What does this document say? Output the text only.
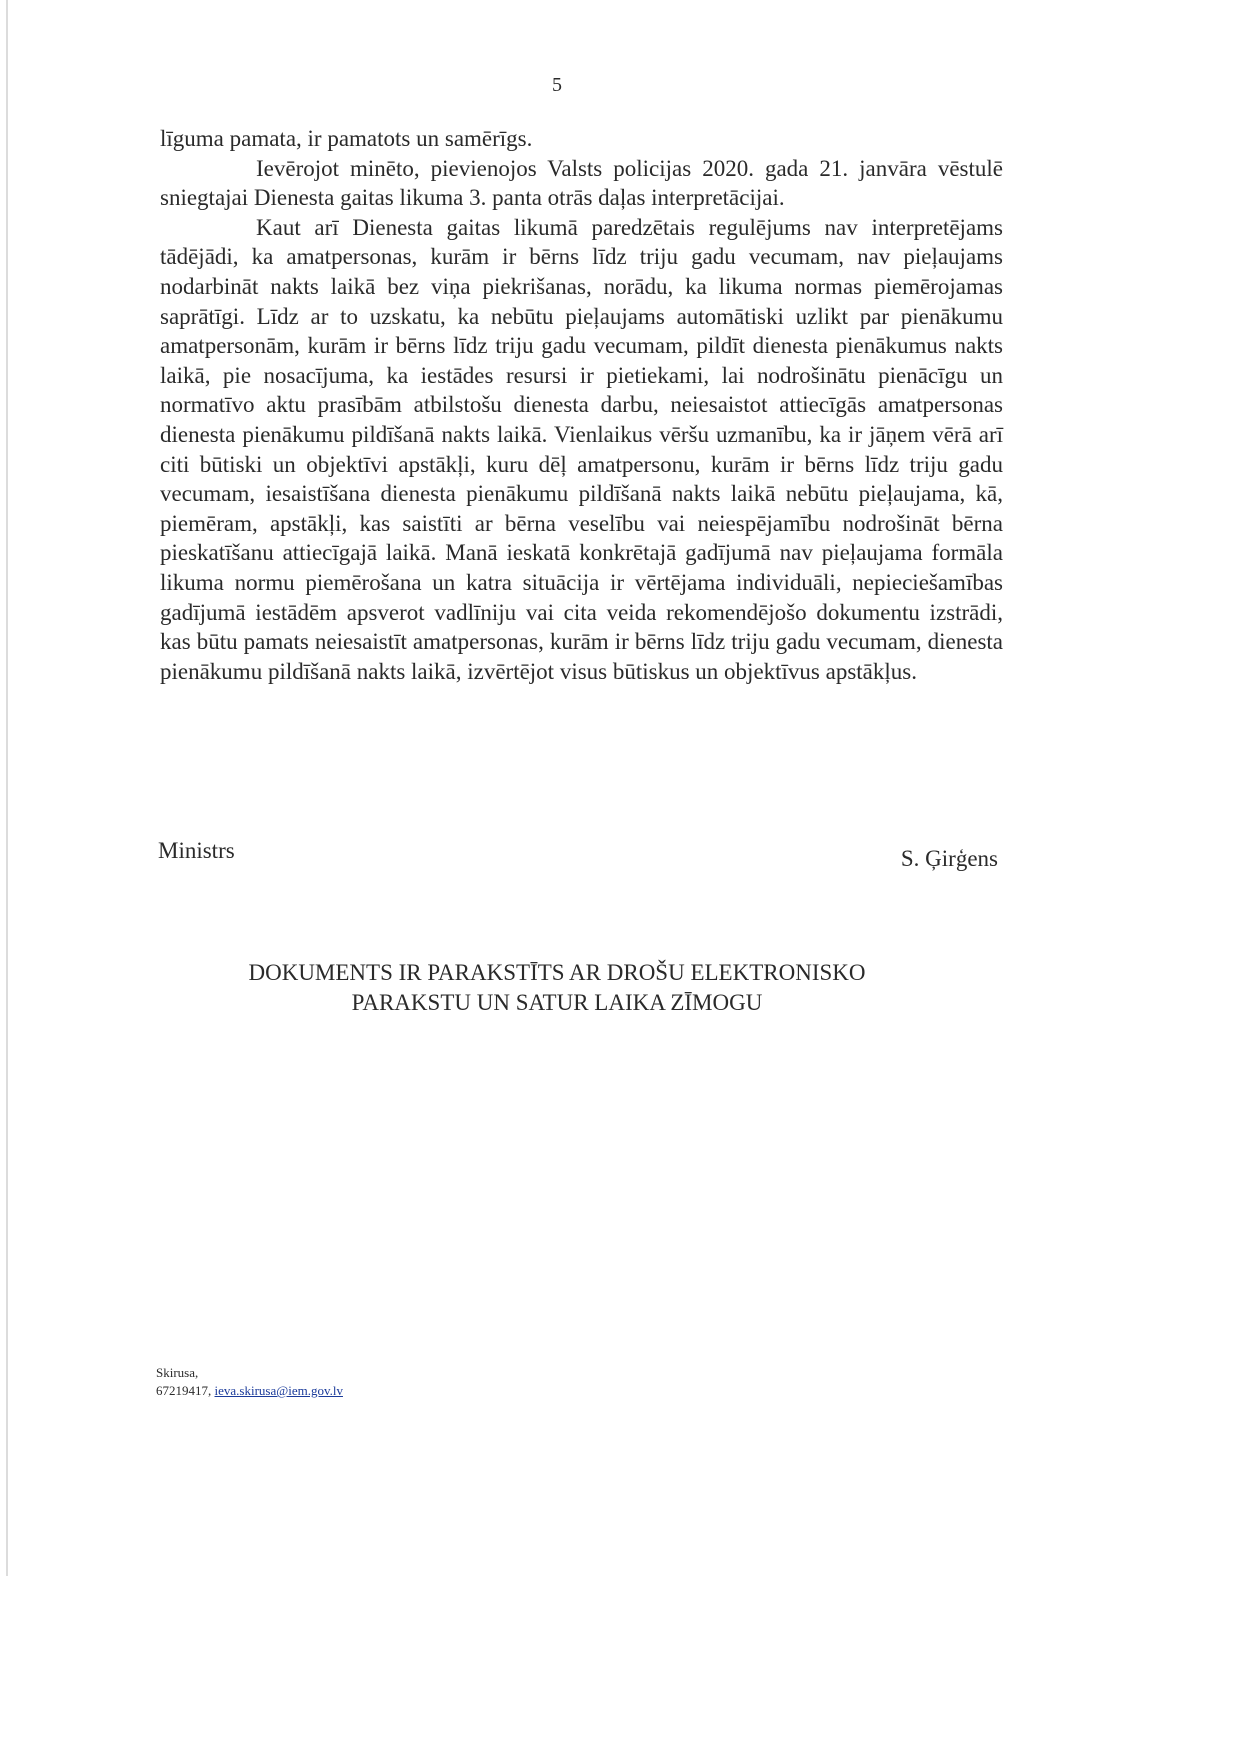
5

līguma pamata, ir pamatots un samērīgs.

Ievērojot minēto, pievienojos Valsts policijas 2020. gada 21. janvāra vēstulē sniegtajai Dienesta gaitas likuma 3. panta otrās daļas interpretācijai.

Kaut arī Dienesta gaitas likumā paredzētais regulējums nav interpretējams tādējādi, ka amatpersonas, kurām ir bērns līdz triju gadu vecumam, nav pieļaujams nodarbināt nakts laikā bez viņa piekrišanas, norādu, ka likuma normas piemērojamas saprātīgi. Līdz ar to uzskatu, ka nebūtu pieļaujams automātiski uzlikt par pienākumu amatpersonām, kurām ir bērns līdz triju gadu vecumam, pildīt dienesta pienākumus nakts laikā, pie nosacījuma, ka iestādes resursi ir pietiekami, lai nodrošinātu pienācīgu un normatīvo aktu prasībām atbilstošu dienesta darbu, neiesaistot attiecīgās amatpersonas dienesta pienākumu pildīšanā nakts laikā. Vienlaikus vēršu uzmanību, ka ir jāņem vērā arī citi būtiski un objektīvi apstākļi, kuru dēļ amatpersonu, kurām ir bērns līdz triju gadu vecumam, iesaistīšana dienesta pienākumu pildīšanā nakts laikā nebūtu pieļaujama, kā, piemēram, apstākļi, kas saistīti ar bērna veselību vai neiespējamību nodrošināt bērna pieskatīšanu attiecīgajā laikā. Manā ieskatā konkrētajā gadījumā nav pieļaujama formāla likuma normu piemērošana un katra situācija ir vērtējama individuāli, nepieciešamības gadījumā iestādēm apsverot vadlīniju vai cita veida rekomendējošo dokumentu izstrādi, kas būtu pamats neiesaistīt amatpersonas, kurām ir bērns līdz triju gadu vecumam, dienesta pienākumu pildīšanā nakts laikā, izvērtējot visus būtiskus un objektīvus apstākļus.

Ministrs	S. Ģirģens
DOKUMENTS IR PARAKSTĪTS AR DROŠU ELEKTRONISKO
PARAKSTU UN SATUR LAIKA ZĪMOGU
Skirusa,
67219417, ieva.skirusa@iem.gov.lv
